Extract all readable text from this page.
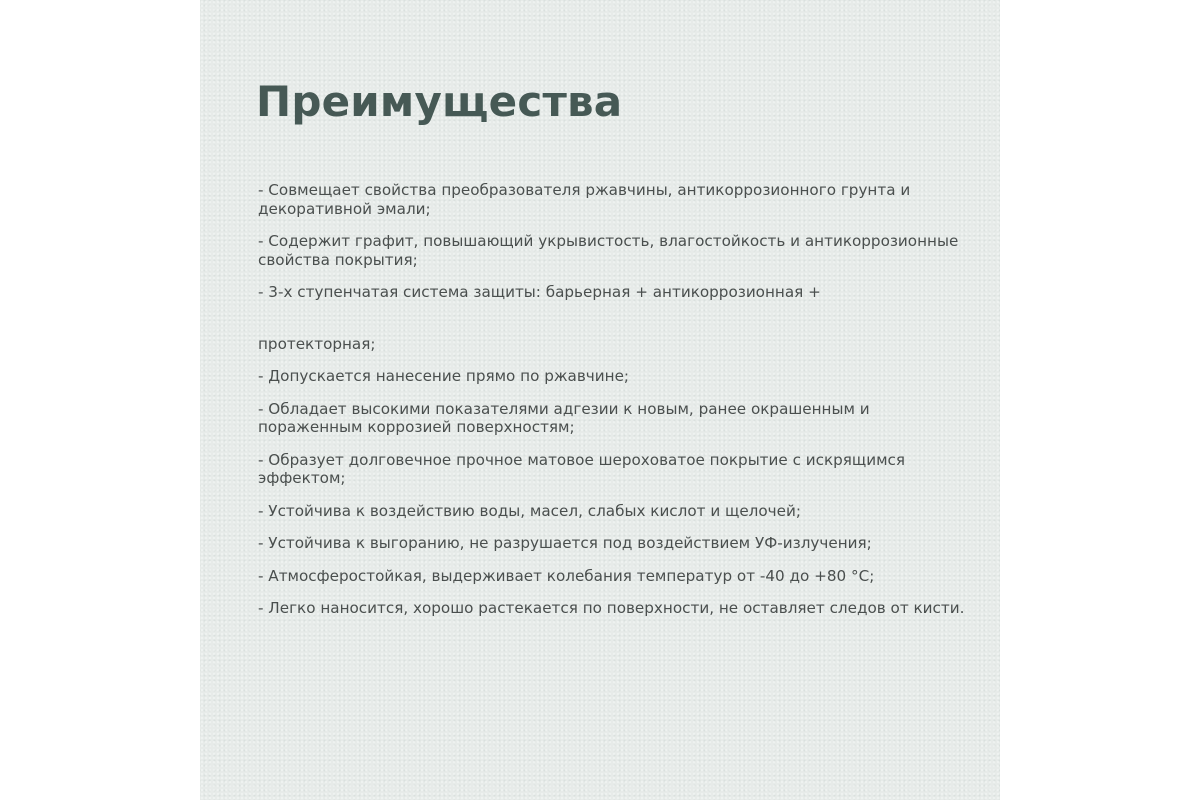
Преимущества
- Совмещает свойства преобразователя ржавчины, антикоррозионного грунта и декоративной эмали;
- Содержит графит, повышающий укрывистость, влагостойкость и антикоррозионные свойства покрытия;
- 3-х ступенчатая система защиты: барьерная + антикоррозионная +
протекторная;
- Допускается нанесение прямо по ржавчине;
- Обладает высокими показателями адгезии к новым, ранее окрашенным и пораженным коррозией поверхностям;
- Образует долговечное прочное матовое шероховатое покрытие с искрящимся эффектом;
- Устойчива к воздействию воды, масел, слабых кислот и щелочей;
- Устойчива к выгоранию, не разрушается под воздействием УФ-излучения;
- Атмосферостойкая, выдерживает колебания температур от -40 до +80 °С;
- Легко наносится, хорошо растекается по поверхности, не оставляет следов от кисти.
